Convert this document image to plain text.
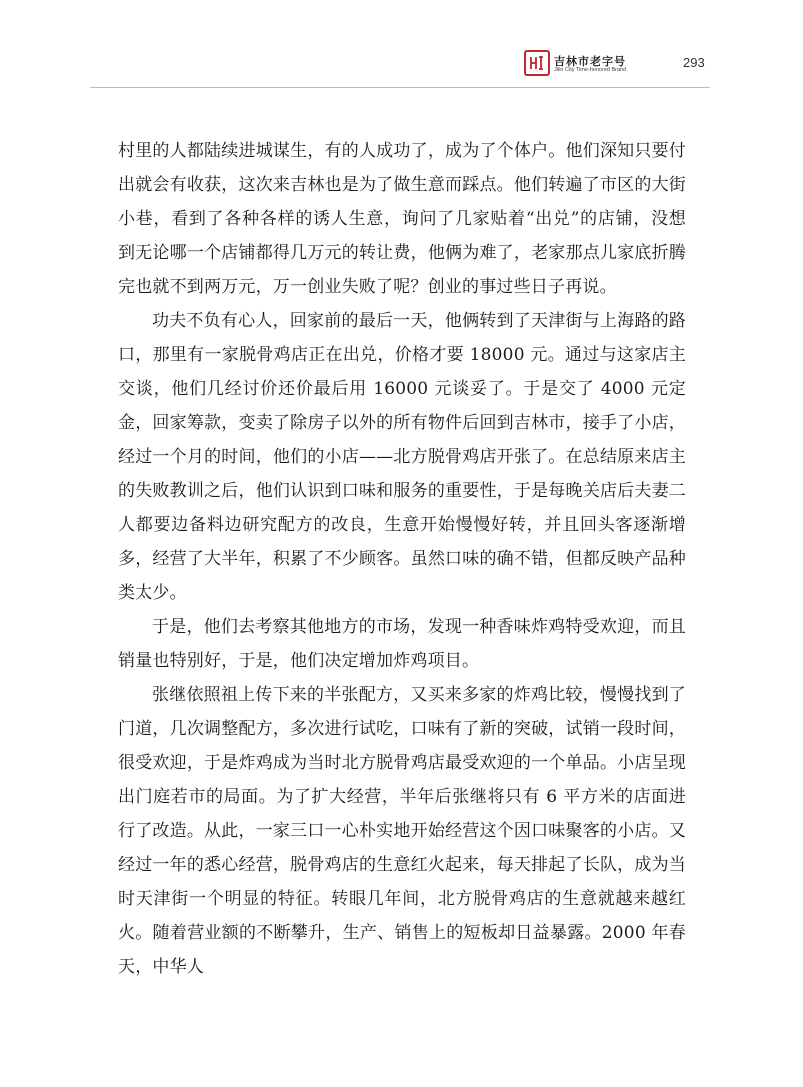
吉林市老字号
Jilin City Time-honored Brand	293

村里的人都陆续进城谋生，有的人成功了，成为了个体户。他们深知只要付出就会有收获，这次来吉林也是为了做生意而踩点。他们转遍了市区的大街小巷，看到了各种各样的诱人生意，询问了几家贴着“出兑”的店铺，没想到无论哪一个店铺都得几万元的转让费，他俩为难了，老家那点儿家底折腾完也就不到两万元，万一创业失败了呢？创业的事过些日子再说。

功夫不负有心人，回家前的最后一天，他俩转到了天津街与上海路的路口，那里有一家脱骨鸡店正在出兑，价格才要 18000 元。通过与这家店主交谈，他们几经讨价还价最后用 16000 元谈妥了。于是交了 4000 元定金，回家筹款，变卖了除房子以外的所有物件后回到吉林市，接手了小店，经过一个月的时间，他们的小店——北方脱骨鸡店开张了。在总结原来店主的失败教训之后，他们认识到口味和服务的重要性，于是每晚关店后夫妻二人都要边备料边研究配方的改良，生意开始慢慢好转，并且回头客逐渐增多，经营了大半年，积累了不少顾客。虽然口味的确不错，但都反映产品种类太少。

于是，他们去考察其他地方的市场，发现一种香味炸鸡特受欢迎，而且销量也特别好，于是，他们决定增加炸鸡项目。

张继依照祖上传下来的半张配方，又买来多家的炸鸡比较，慢慢找到了门道，几次调整配方，多次进行试吃，口味有了新的突破，试销一段时间，很受欢迎，于是炸鸡成为当时北方脱骨鸡店最受欢迎的一个单品。小店呈现出门庭若市的局面。为了扩大经营，半年后张继将只有 6 平方米的店面进行了改造。从此，一家三口一心朴实地开始经营这个因口味聚客的小店。又经过一年的悉心经营，脱骨鸡店的生意红火起来，每天排起了长队，成为当时天津街一个明显的特征。转眼几年间，北方脱骨鸡店的生意就越来越红火。随着营业额的不断攀升，生产、销售上的短板却日益暴露。2000 年春天，中华人
